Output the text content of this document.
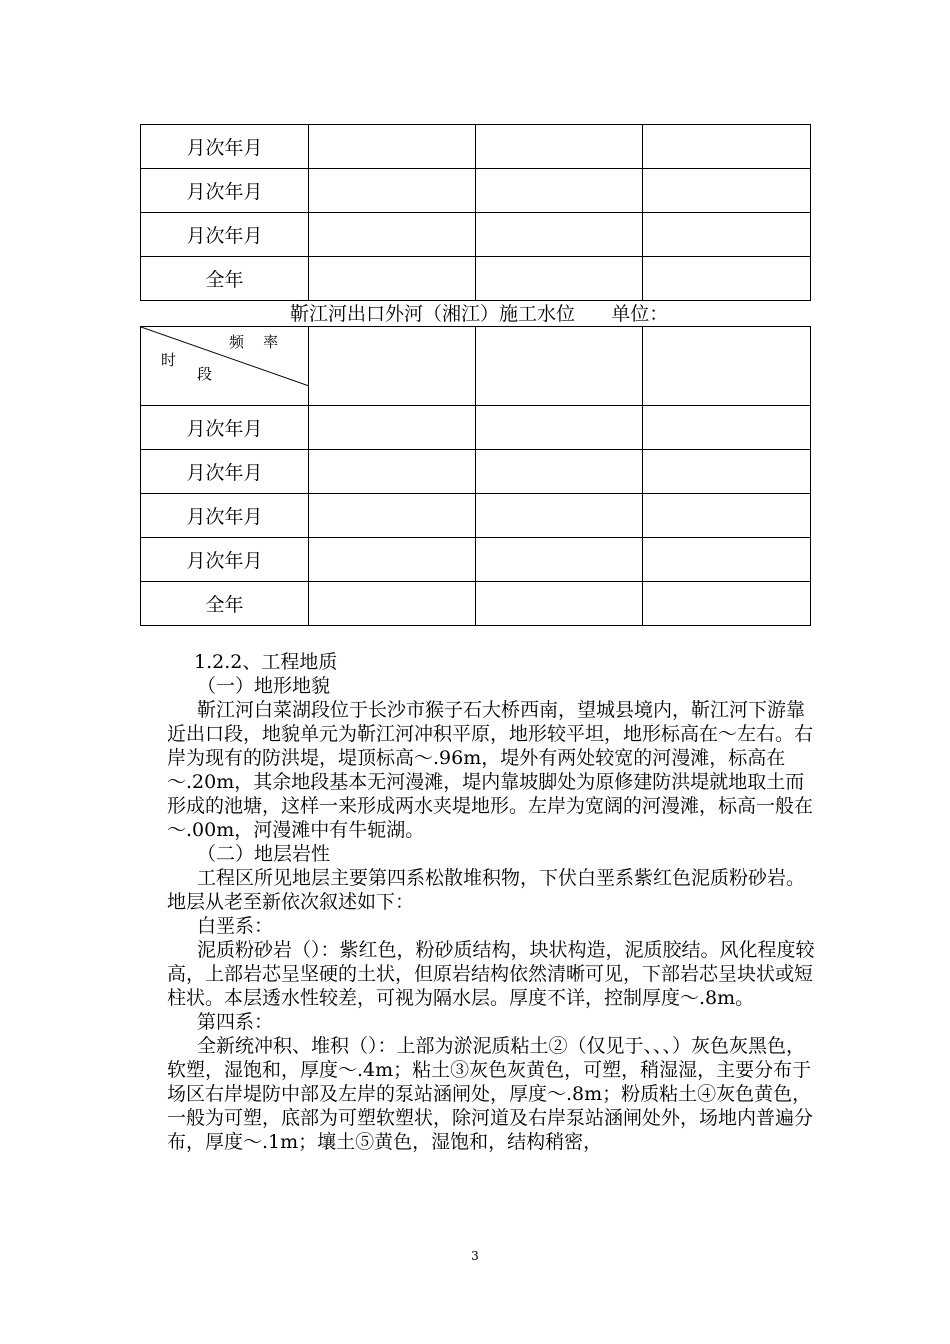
月次年月			
月次年月			
月次年月			
全年			
靳江河出口外河（湘江）施工水位      单位：
频    率
时
段			

月次年月			
月次年月			
月次年月			
月次年月			
全年			

1.2.2、工程地质

（一）地形地貌

靳江河白菜湖段位于长沙市猴子石大桥西南，望城县境内，靳江河下游靠近出口段，地貌单元为靳江河冲积平原，地形较平坦，地形标高在～左右。右岸为现有的防洪堤，堤顶标高～.96m，堤外有两处较宽的河漫滩，标高在～.20m，其余地段基本无河漫滩，堤内靠坡脚处为原修建防洪堤就地取土而形成的池塘，这样一来形成两水夹堤地形。左岸为宽阔的河漫滩，标高一般在～.00m，河漫滩中有牛轭湖。

（二）地层岩性

工程区所见地层主要第四系松散堆积物，下伏白垩系紫红色泥质粉砂岩。地层从老至新依次叙述如下：

白垩系：

泥质粉砂岩（）：紫红色，粉砂质结构，块状构造，泥质胶结。风化程度较高，上部岩芯呈坚硬的土状，但原岩结构依然清晰可见，下部岩芯呈块状或短柱状。本层透水性较差，可视为隔水层。厚度不详，控制厚度～.8m。

第四系：

全新统冲积、堆积（）：上部为淤泥质粘土②（仅见于、、、）灰色灰黑色，软塑，湿饱和，厚度～.4m；粘土③灰色灰黄色，可塑，稍湿湿，主要分布于场区右岸堤防中部及左岸的泵站涵闸处，厚度～.8m；粉质粘土④灰色黄色，一般为可塑，底部为可塑软塑状，除河道及右岸泵站涵闸处外，场地内普遍分布，厚度～.1m；壤土⑤黄色，湿饱和，结构稍密，

3
